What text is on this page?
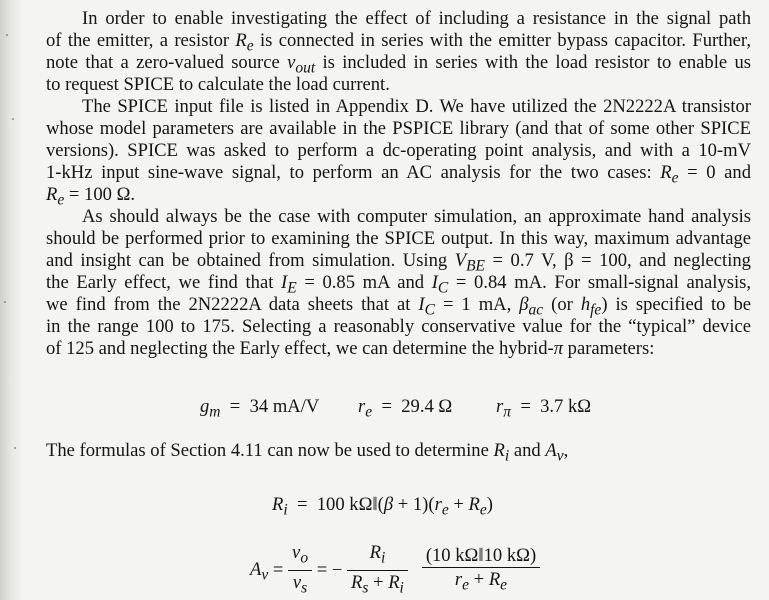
In order to enable investigating the effect of including a resistance in the signal path
of the emitter, a resistor $R_e$ is connected in series with the emitter bypass capacitor. Further,
note that a zero-valued source $v_{out}$ is included in series with the load resistor to enable us
to request SPICE to calculate the load current.
The SPICE input file is listed in Appendix D. We have utilized the 2N2222A transistor
whose model parameters are available in the PSPICE library (and that of some other SPICE
versions). SPICE was asked to perform a dc-operating point analysis, and with a 10-mV
1-kHz input sine-wave signal, to perform an AC analysis for the two cases: $R_e = 0$ and
$R_e = 100$ Ω.
As should always be the case with computer simulation, an approximate hand analysis
should be performed prior to examining the SPICE output. In this way, maximum advantage
and insight can be obtained from simulation. Using $V_{BE} = 0.7$ V, β = 100, and neglecting
the Early effect, we find that $I_E = 0.85$ mA and $I_C = 0.84$ mA. For small-signal analysis,
we find from the 2N2222A data sheets that at $I_C = 1$ mA, $\beta_{ac}$ (or $h_{fe}$) is specified to be
in the range 100 to 175. Selecting a reasonably conservative value for the “typical” device
of 125 and neglecting the Early effect, we can determine the hybrid-π parameters:
$g_m = 34$ mA/V $r_e = 29.4$ Ω $r_\pi = 3.7$ kΩ
The formulas of Section 4.11 can now be used to determine $R_i$ and $A_v$,
$R_i = 100$ kΩ‖(β + $1)(r_e + R_e)$
$A_v = \frac{v_o}{v_s}$ = − $\frac{R_i}{R_s + R_i}$
$\frac{(10 k\Omega‖10 k\Omega)}{r_e + R_e}$
